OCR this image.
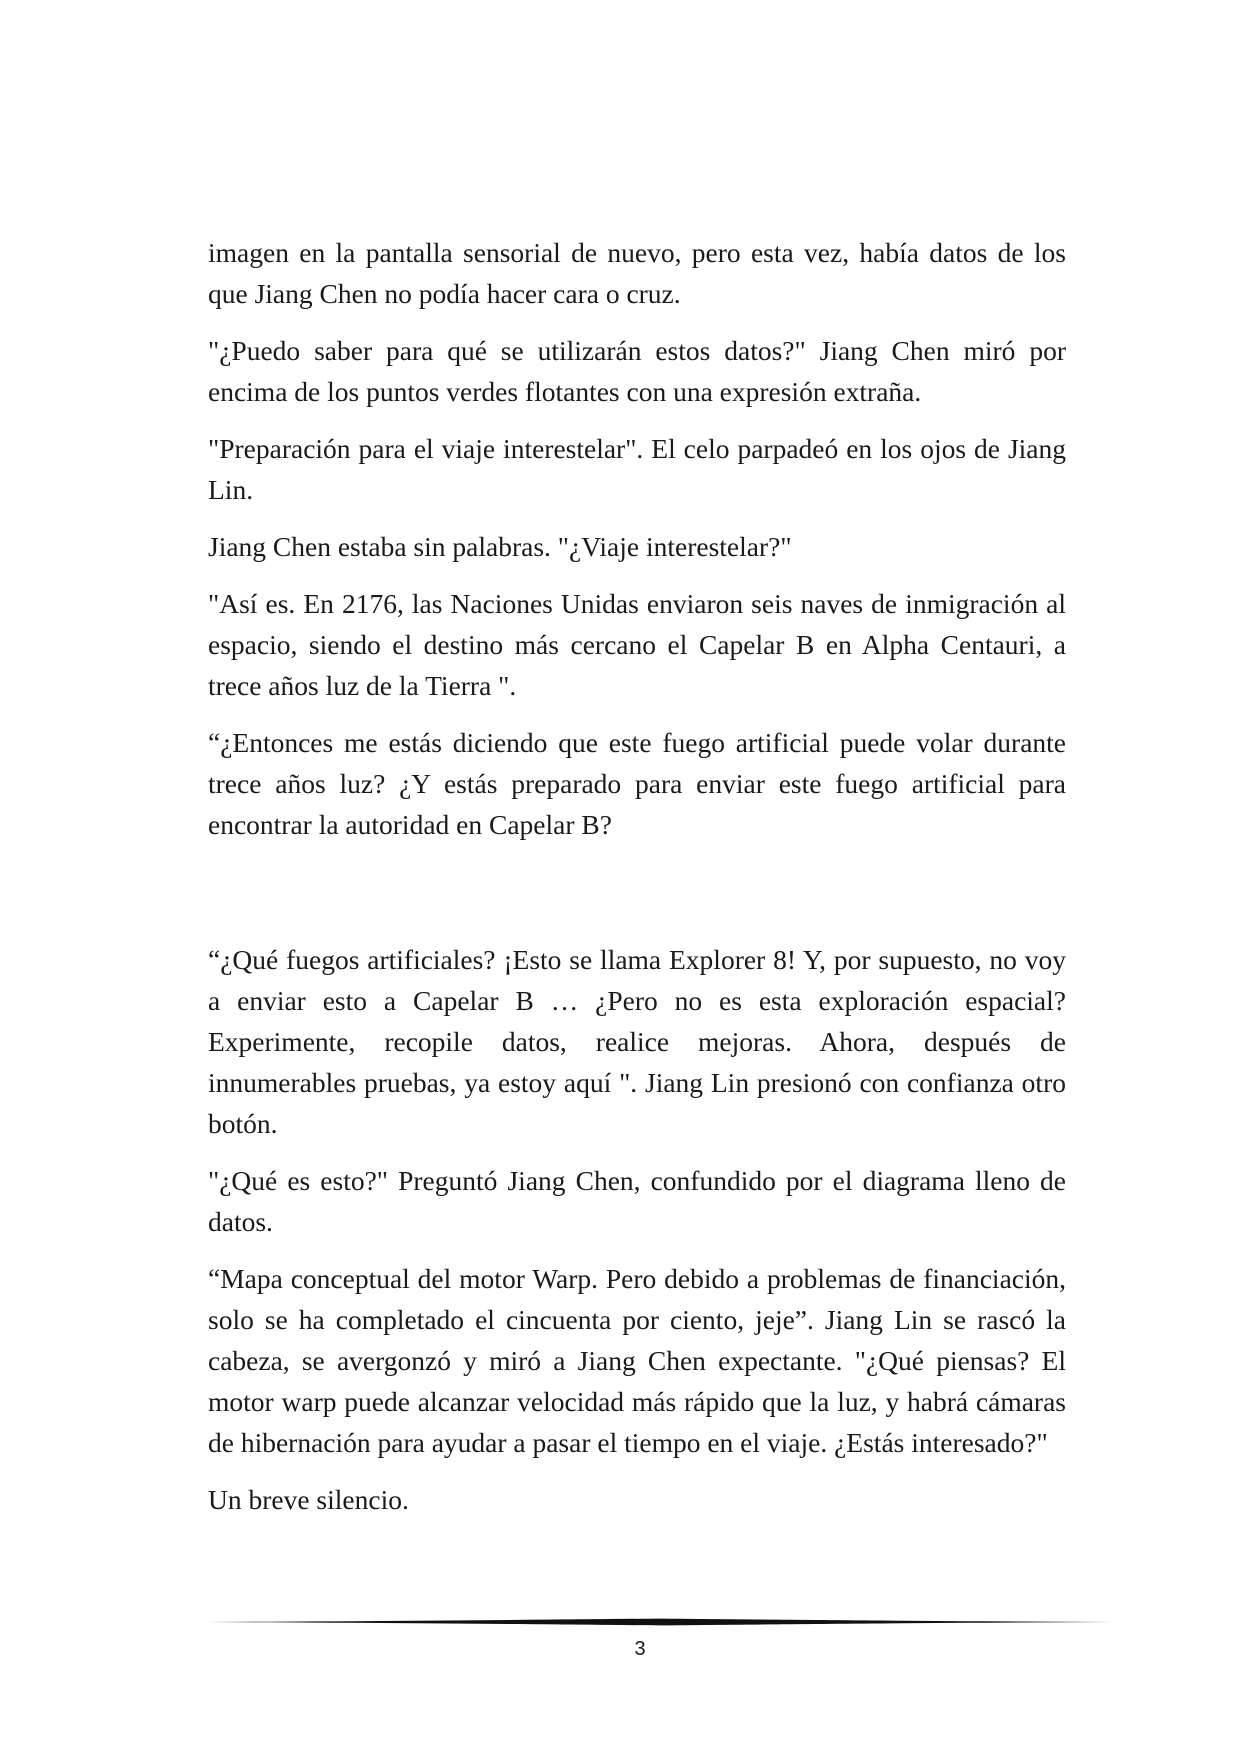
imagen en la pantalla sensorial de nuevo, pero esta vez, había datos de los que Jiang Chen no podía hacer cara o cruz.

"¿Puedo saber para qué se utilizarán estos datos?" Jiang Chen miró por encima de los puntos verdes flotantes con una expresión extraña.

"Preparación para el viaje interestelar". El celo parpadeó en los ojos de Jiang Lin.

Jiang Chen estaba sin palabras. "¿Viaje interestelar?"

"Así es. En 2176, las Naciones Unidas enviaron seis naves de inmigración al espacio, siendo el destino más cercano el Capelar B en Alpha Centauri, a trece años luz de la Tierra ".

“¿Entonces me estás diciendo que este fuego artificial puede volar durante trece años luz? ¿Y estás preparado para enviar este fuego artificial para encontrar la autoridad en Capelar B?

“¿Qué fuegos artificiales? ¡Esto se llama Explorer 8! Y, por supuesto, no voy a enviar esto a Capelar B … ¿Pero no es esta exploración espacial? Experimente, recopile datos, realice mejoras. Ahora, después de innumerables pruebas, ya estoy aquí ". Jiang Lin presionó con confianza otro botón.

"¿Qué es esto?" Preguntó Jiang Chen, confundido por el diagrama lleno de datos.

“Mapa conceptual del motor Warp. Pero debido a problemas de financiación, solo se ha completado el cincuenta por ciento, jeje”. Jiang Lin se rascó la cabeza, se avergonzó y miró a Jiang Chen expectante. "¿Qué piensas? El motor warp puede alcanzar velocidad más rápido que la luz, y habrá cámaras de hibernación para ayudar a pasar el tiempo en el viaje. ¿Estás interesado?"

Un breve silencio.

3
